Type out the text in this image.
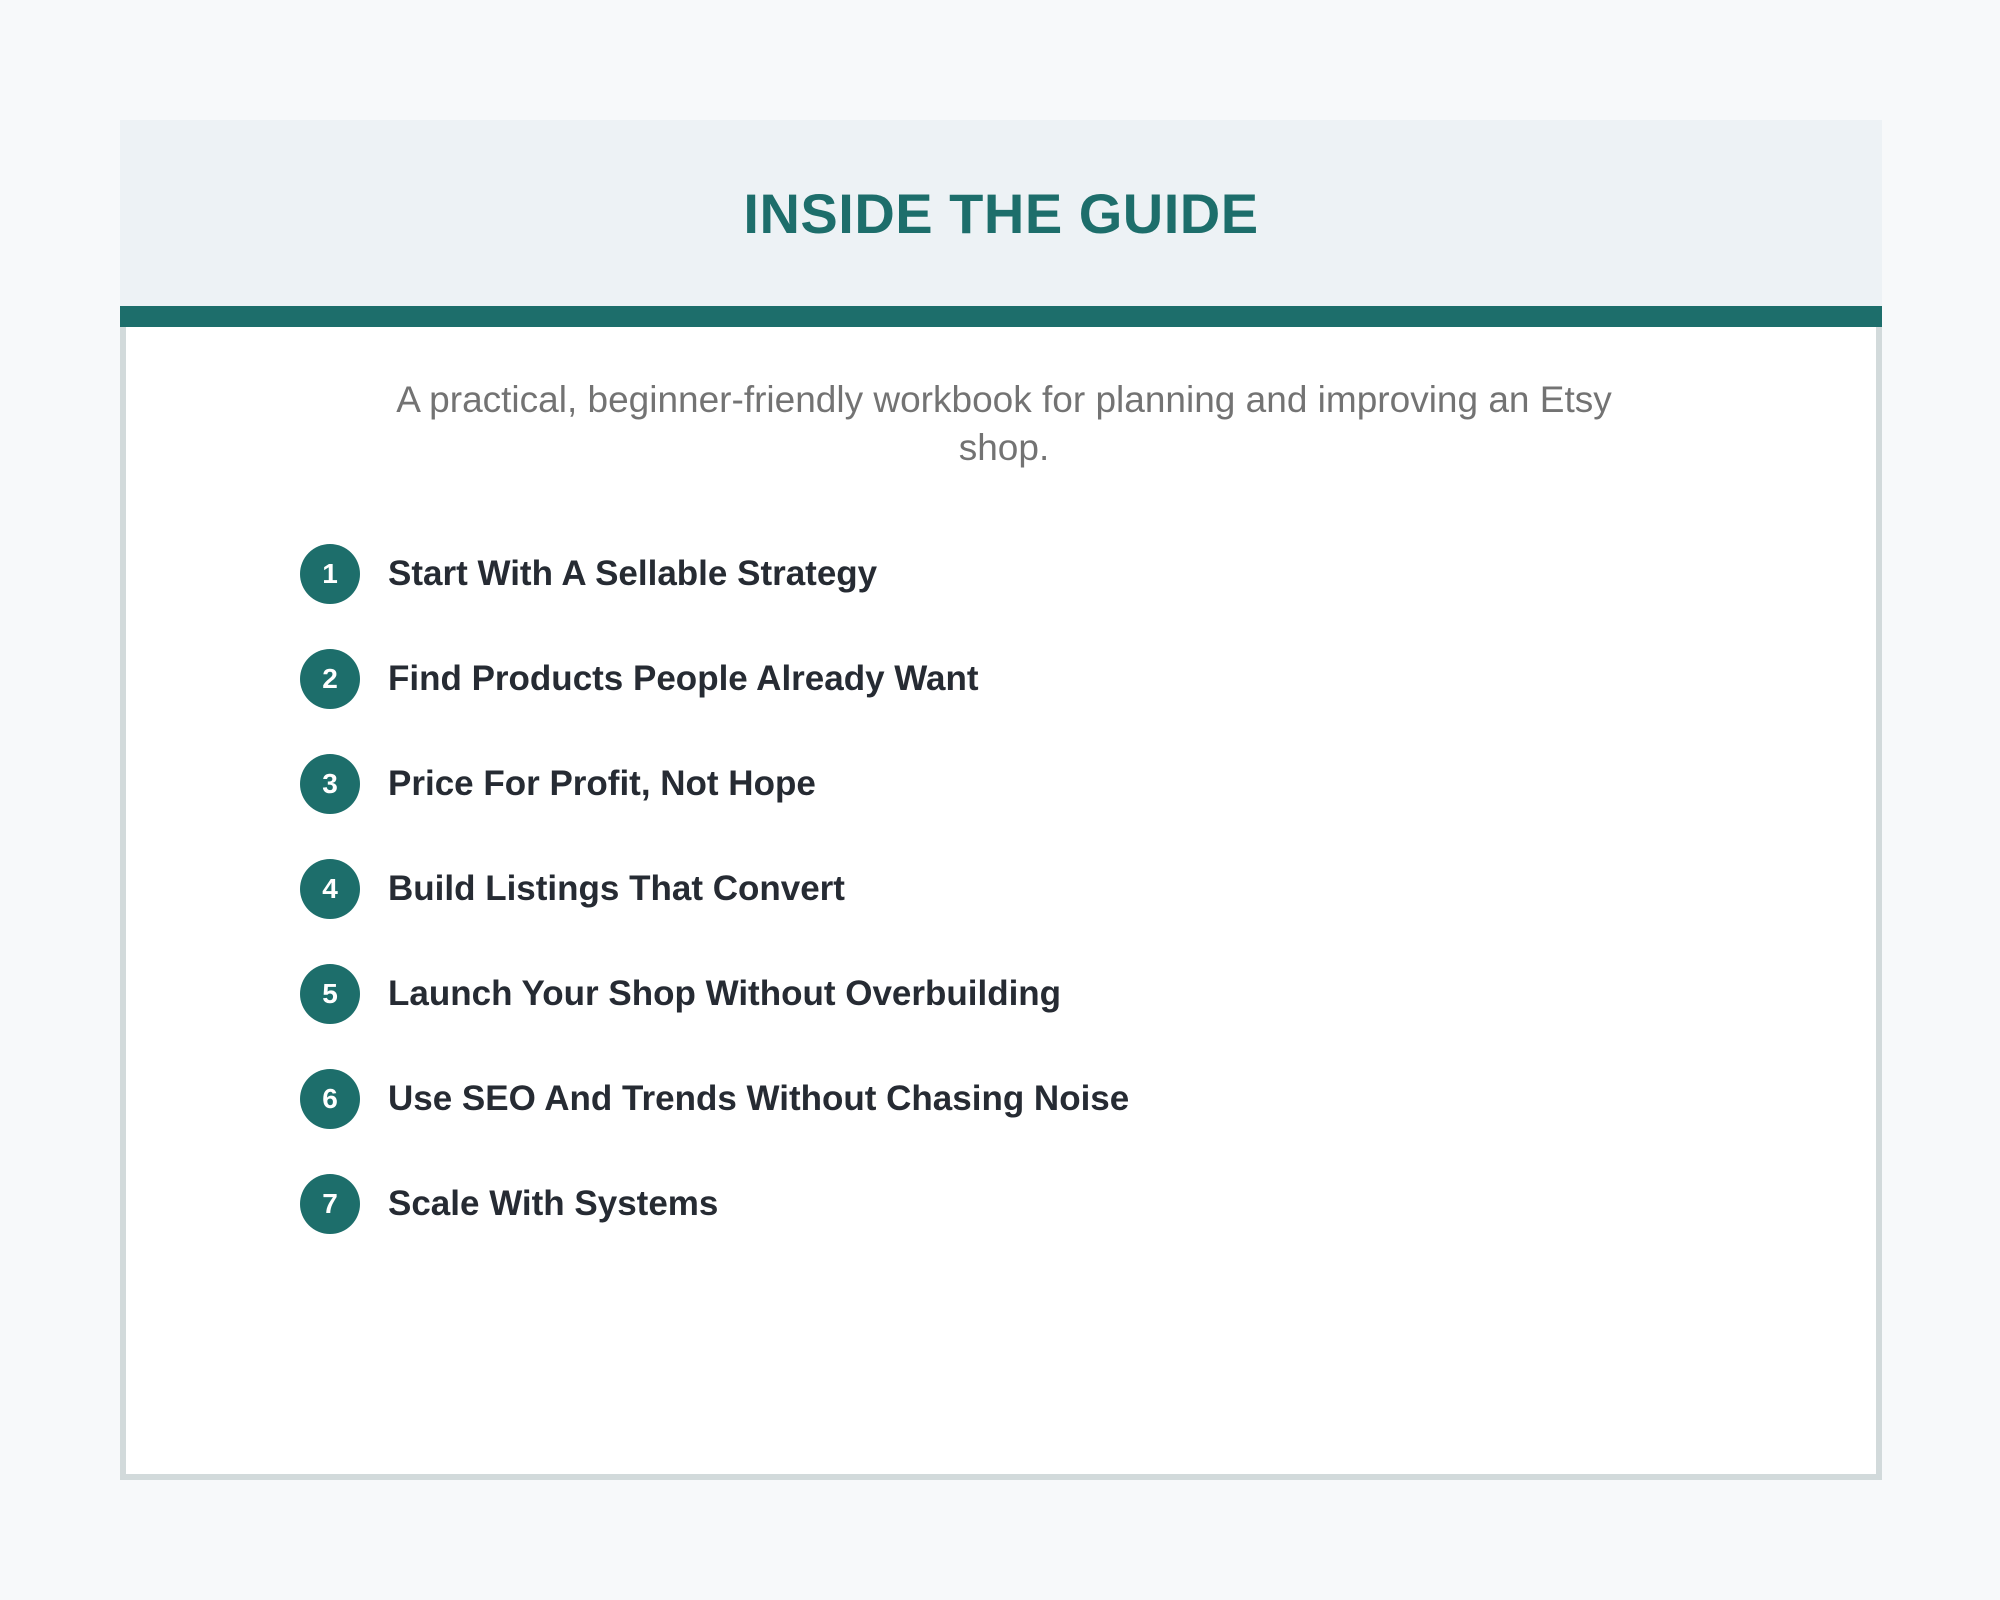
INSIDE THE GUIDE

A practical, beginner-friendly workbook for planning and improving an Etsy shop.

1	Start With A Sellable Strategy
2	Find Products People Already Want
3	Price For Profit, Not Hope
4	Build Listings That Convert
5	Launch Your Shop Without Overbuilding
6	Use SEO And Trends Without Chasing Noise
7	Scale With Systems
